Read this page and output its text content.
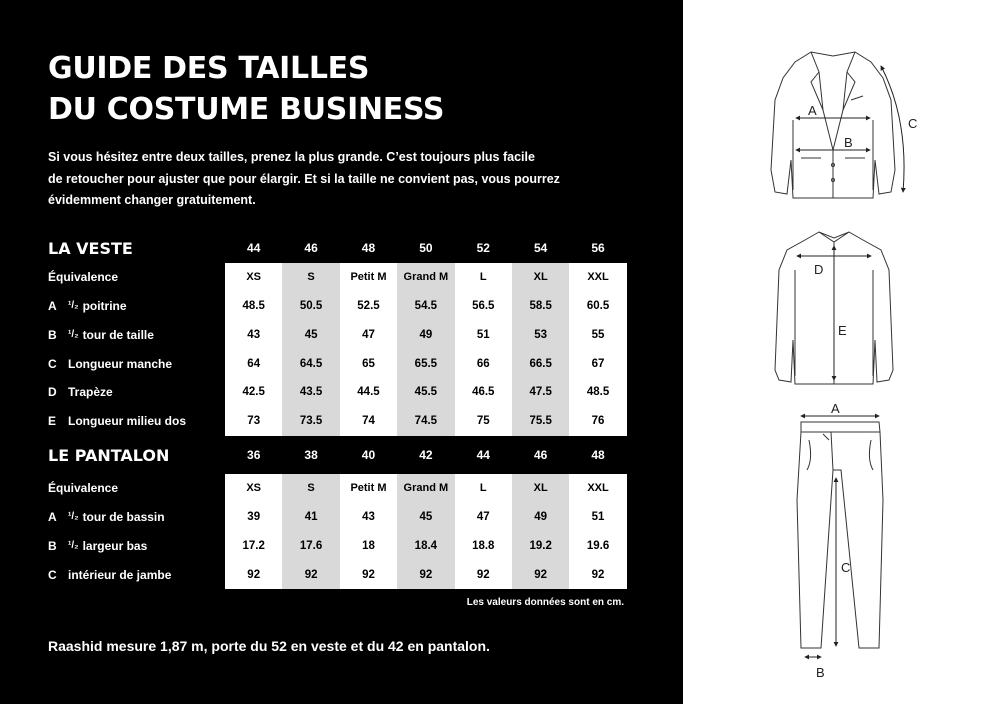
GUIDE DES TAILLES
DU COSTUME BUSINESS
Si vous hésitez entre deux tailles, prenez la plus grande. C’est toujours plus facile
de retoucher pour ajuster que pour élargir. Et si la taille ne convient pas, vous pourrez
évidemment changer gratuitement.
LA VESTE	44	46	48	50	52	54	56
Équivalence	XS	S	Petit M	Grand M	L	XL	XXL
A	¹/₂ poitrine	48.5	50.5	52.5	54.5	56.5	58.5	60.5
B	¹/₂ tour de taille	43	45	47	49	51	53	55
C Longueur manche	64	64.5	65	65.5	66	66.5	67
D Trapèze	42.5	43.5	44.5	45.5	46.5	47.5	48.5
E Longueur milieu dos	73	73.5	74	74.5	75	75.5	76
LE PANTALON	36	38	40	42	44	46	48
Équivalence	XS	S	Petit M	Grand M	L	XL	XXL
A	¹/₂ tour de bassin	39	41	43	45	47	49	51
B	¹/₂ largeur bas	17.2	17.6	18	18.4	18.8	19.2	19.6
C intérieur de jambe	92	92	92	92	92	92	92
Les valeurs données sont en cm.
Raashid mesure 1,87 m, porte du 52 en veste et du 42 en pantalon.
A
B
C
D
E
A
C
B
